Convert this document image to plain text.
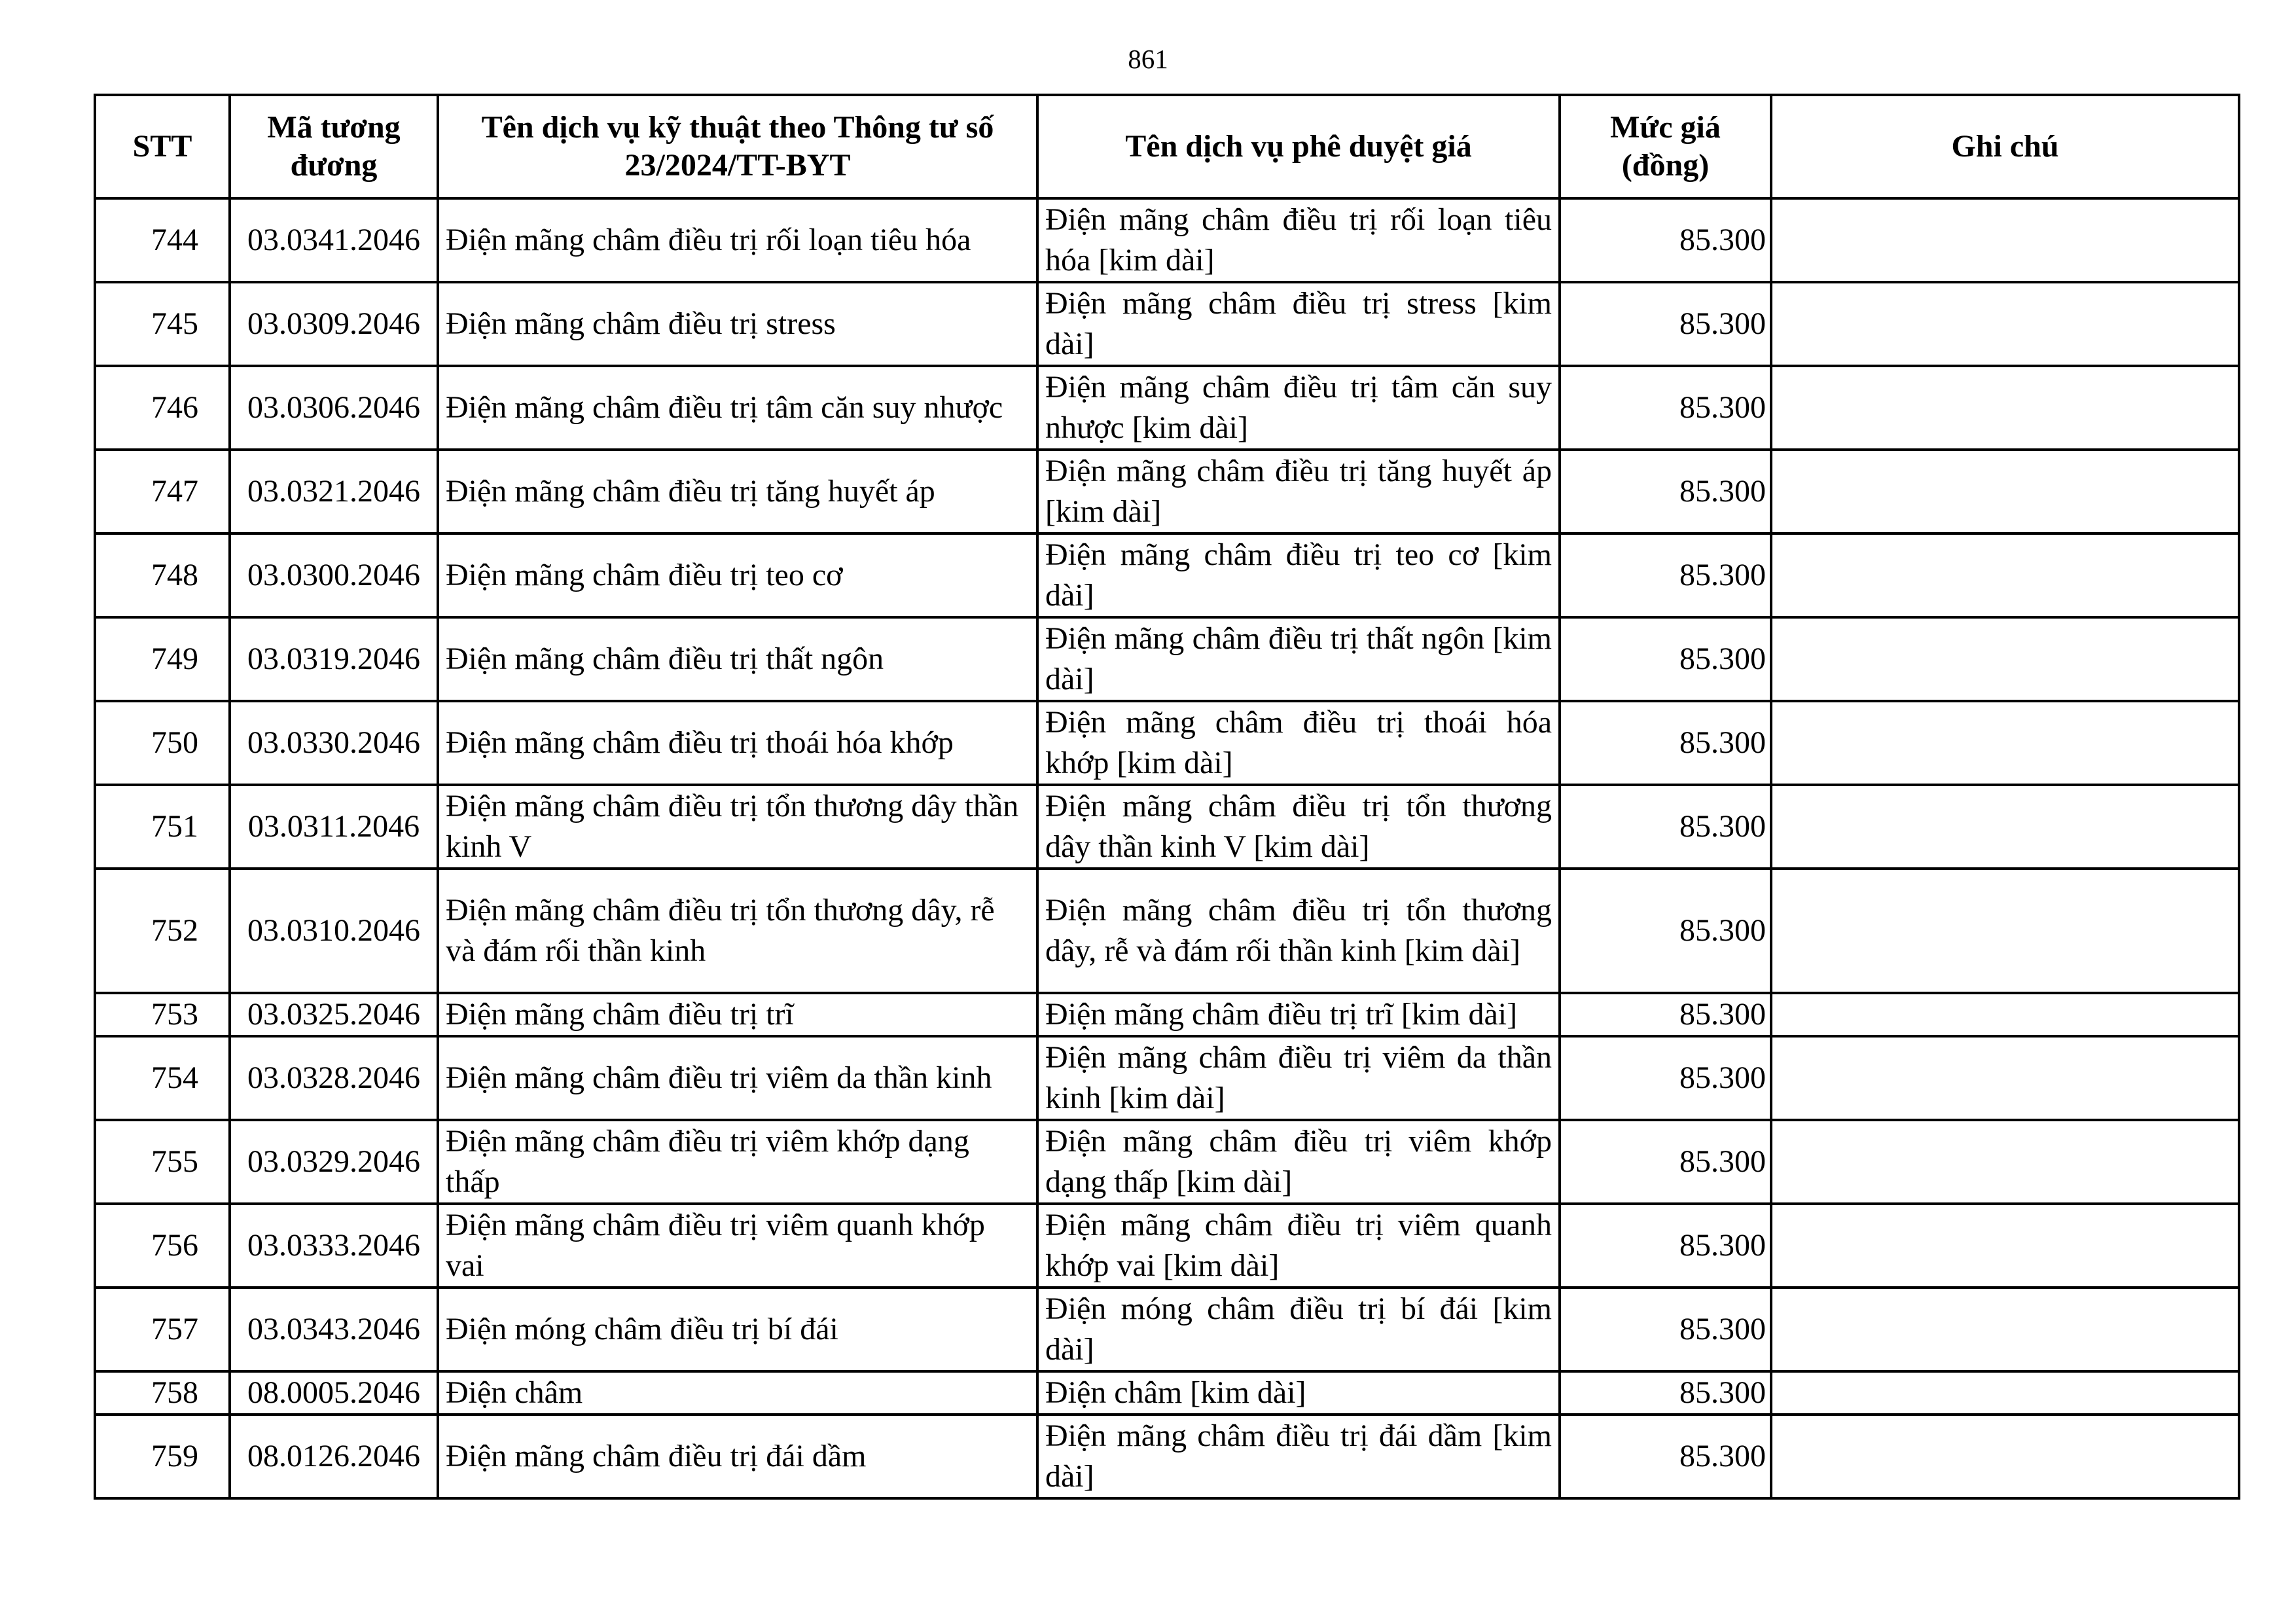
861
STT	Mã tương đương	Tên dịch vụ kỹ thuật theo Thông tư số 23/2024/TT-BYT	Tên dịch vụ phê duyệt giá	Mức giá (đồng)	Ghi chú
744	03.0341.2046	Điện mãng châm điều trị rối loạn tiêu hóa	Điện mãng châm điều trị rối loạn tiêu hóa [kim dài]	85.300	
745	03.0309.2046	Điện mãng châm điều trị stress	Điện mãng châm điều trị stress [kim dài]	85.300	
746	03.0306.2046	Điện mãng châm điều trị tâm căn suy nhược	Điện mãng châm điều trị tâm căn suy nhược [kim dài]	85.300	
747	03.0321.2046	Điện mãng châm điều trị tăng huyết áp	Điện mãng châm điều trị tăng huyết áp [kim dài]	85.300	
748	03.0300.2046	Điện mãng châm điều trị teo cơ	Điện mãng châm điều trị teo cơ [kim dài]	85.300	
749	03.0319.2046	Điện mãng châm điều trị thất ngôn	Điện mãng châm điều trị thất ngôn [kim dài]	85.300	
750	03.0330.2046	Điện mãng châm điều trị thoái hóa khớp	Điện mãng châm điều trị thoái hóa khớp [kim dài]	85.300	
751	03.0311.2046	Điện mãng châm điều trị tổn thương dây thần kinh V	Điện mãng châm điều trị tổn thương dây thần kinh V [kim dài]	85.300	
752	03.0310.2046	Điện mãng châm điều trị tổn thương dây, rễ và đám rối thần kinh	Điện mãng châm điều trị tổn thương dây, rễ và đám rối thần kinh [kim dài]	85.300	
753	03.0325.2046	Điện mãng châm điều trị trĩ	Điện mãng châm điều trị trĩ [kim dài]	85.300	
754	03.0328.2046	Điện mãng châm điều trị viêm da thần kinh	Điện mãng châm điều trị viêm da thần kinh [kim dài]	85.300	
755	03.0329.2046	Điện mãng châm điều trị viêm khớp dạng thấp	Điện mãng châm điều trị viêm khớp dạng thấp [kim dài]	85.300	
756	03.0333.2046	Điện mãng châm điều trị viêm quanh khớp vai	Điện mãng châm điều trị viêm quanh khớp vai [kim dài]	85.300	
757	03.0343.2046	Điện móng châm điều trị bí đái	Điện móng châm điều trị bí đái [kim dài]	85.300	
758	08.0005.2046	Điện châm	Điện châm [kim dài]	85.300	
759	08.0126.2046	Điện mãng châm điều trị đái dầm	Điện mãng châm điều trị đái dầm [kim dài]	85.300	
